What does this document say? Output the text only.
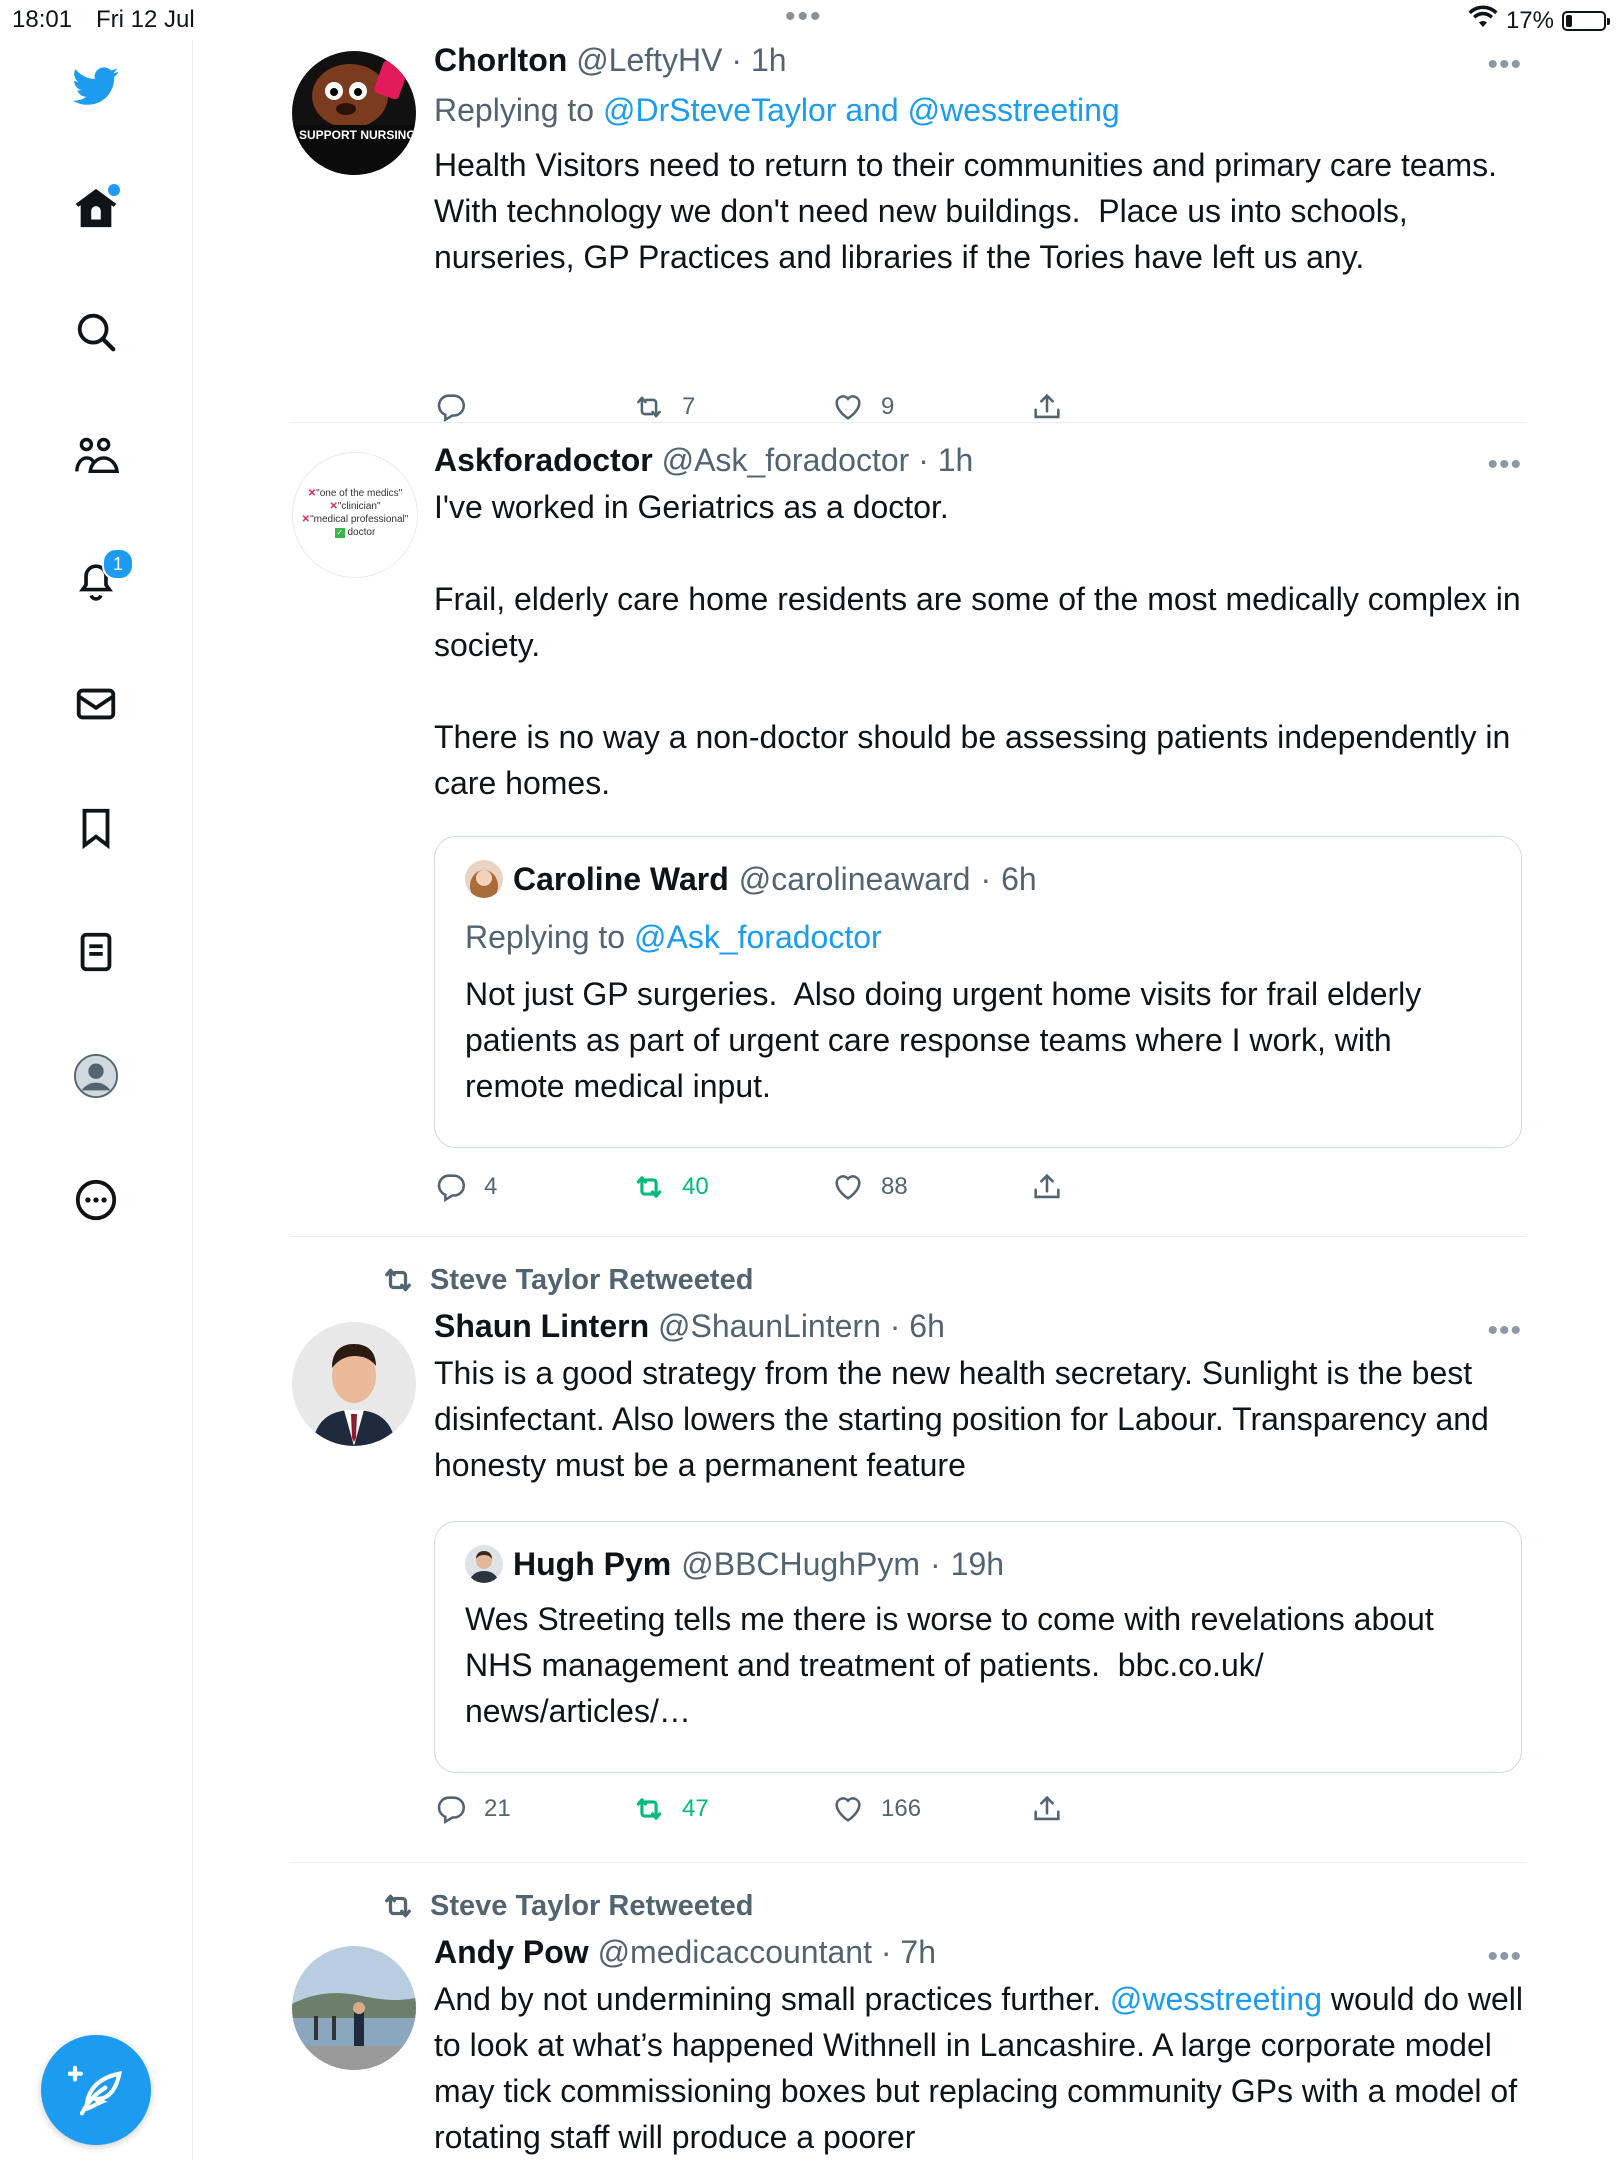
18:01 Fri 12 Jul	•••	17%
1
I SUPPORT NURSING
Chorlton @LeftyHV · 1h
Replying to @DrSteveTaylor and @wesstreeting
Health Visitors need to return to their communities and primary care teams.  With technology we don't need new buildings.  Place us into schools, nurseries, GP Practices and libraries if the Tories have left us any.
•••
7	9
✕"one of the medics"
✕"clinician"
✕"medical professional"
✓ doctor
Askforadoctor @Ask_foradoctor · 1h
I've worked in Geriatrics as a doctor.

Frail, elderly care home residents are some of the most medically complex in society.

There is no way a non-doctor should be assessing patients independently in care homes.
•••
Caroline Ward @carolineaward · 6h
Replying to @Ask_foradoctor
Not just GP surgeries.  Also doing urgent home visits for frail elderly patients as part of urgent care response teams where I work, with remote medical input.
4	40	88
Steve Taylor Retweeted
Shaun Lintern @ShaunLintern · 6h
This is a good strategy from the new health secretary. Sunlight is the best disinfectant. Also lowers the starting position for Labour. Transparency and honesty must be a permanent feature
•••
Hugh Pym @BBCHughPym · 19h
Wes Streeting tells me there is worse to come with revelations about NHS management and treatment of patients.  bbc.co.uk/
news/articles/…
21	47	166
Steve Taylor Retweeted
Andy Pow @medicaccountant · 7h
And by not undermining small practices further. @wesstreeting would do well to look at what’s happened Withnell in Lancashire. A large corporate model may tick commissioning boxes but replacing community GPs with a model of rotating staff will produce a poorer
•••
